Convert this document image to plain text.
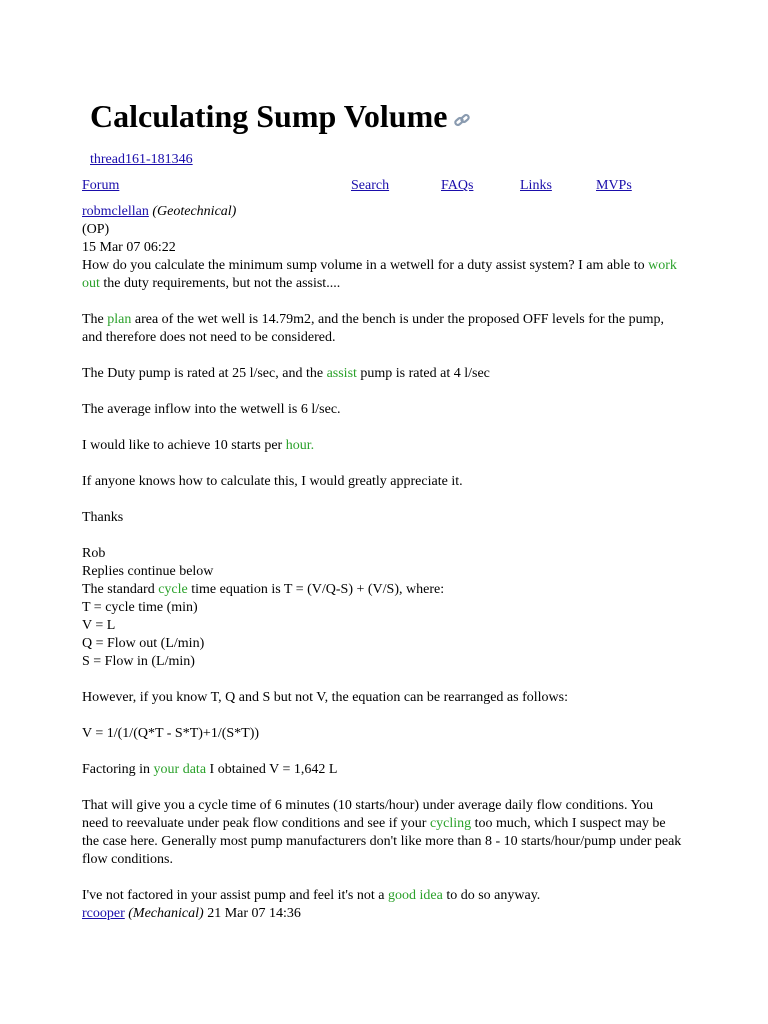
Calculating Sump Volume
thread161-181346
Forum	Search	FAQs	Links	MVPs

robmclellan (Geotechnical)

(OP)

15 Mar 07 06:22

How do you calculate the minimum sump volume in a wetwell for a duty assist system? I am able to work out the duty requirements, but not the assist....

The plan area of the wet well is 14.79m2, and the bench is under the proposed OFF levels for the pump, and therefore does not need to be considered.

The Duty pump is rated at 25 l/sec, and the assist pump is rated at 4 l/sec

The average inflow into the wetwell is 6 l/sec.

I would like to achieve 10 starts per hour.

If anyone knows how to calculate this, I would greatly appreciate it.

Thanks

Rob

Replies continue below

The standard cycle time equation is T = (V/Q-S) + (V/S), where:

T = cycle time (min)

V = L

Q = Flow out (L/min)

S = Flow in (L/min)

However, if you know T, Q and S but not V, the equation can be rearranged as follows:

V = 1/(1/(Q*T - S*T)+1/(S*T))

Factoring in your data I obtained V = 1,642 L

That will give you a cycle time of 6 minutes (10 starts/hour) under average daily flow conditions. You need to reevaluate under peak flow conditions and see if your cycling too much, which I suspect may be the case here. Generally most pump manufacturers don't like more than 8 - 10 starts/hour/pump under peak flow conditions.

I've not factored in your assist pump and feel it's not a good idea to do so anyway.

rcooper (Mechanical) 21 Mar 07 14:36
